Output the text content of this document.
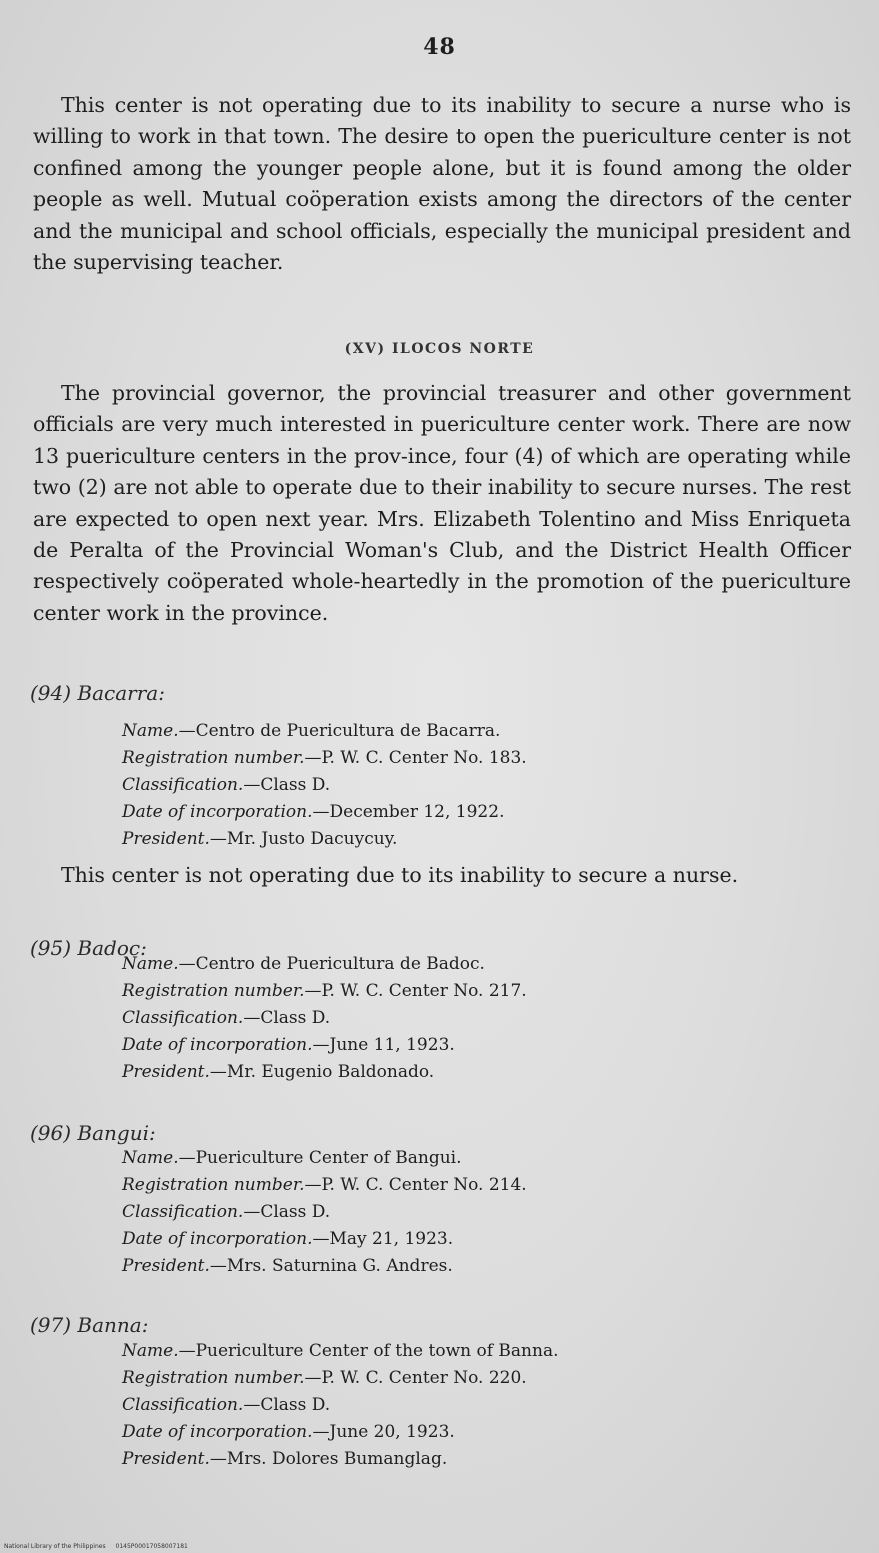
48

This center is not operating due to its inability to secure a nurse who is willing to work in that town. The desire to open the puericulture center is not confined among the younger people alone, but it is found among the older people as well. Mutual coöperation exists among the directors of the center and the municipal and school officials, especially the municipal president and the supervising teacher.

(XV) ILOCOS NORTE

The provincial governor, the provincial treasurer and other government officials are very much interested in puericulture center work. There are now 13 puericulture centers in the prov-ince, four (4) of which are operating while two (2) are not able to operate due to their inability to secure nurses. The rest are expected to open next year. Mrs. Elizabeth Tolentino and Miss Enriqueta de Peralta of the Provincial Woman's Club, and the District Health Officer respectively coöperated whole-heartedly in the promotion of the puericulture center work in the province.

(94) Bacarra:
Name.—Centro de Puericultura de Bacarra.
Registration number.—P. W. C. Center No. 183.
Classification.—Class D.
Date of incorporation.—December 12, 1922.
President.—Mr. Justo Dacuycuy.

This center is not operating due to its inability to secure a nurse.

(95) Badoc:
Name.—Centro de Puericultura de Badoc.
Registration number.—P. W. C. Center No. 217.
Classification.—Class D.
Date of incorporation.—June 11, 1923.
President.—Mr. Eugenio Baldonado.
(96) Bangui:
Name.—Puericulture Center of Bangui.
Registration number.—P. W. C. Center No. 214.
Classification.—Class D.
Date of incorporation.—May 21, 1923.
President.—Mrs. Saturnina G. Andres.
(97) Banna:
Name.—Puericulture Center of the town of Banna.
Registration number.—P. W. C. Center No. 220.
Classification.—Class D.
Date of incorporation.—June 20, 1923.
President.—Mrs. Dolores Bumanglag.
National Library of the Philippines 0145P00017058007181
